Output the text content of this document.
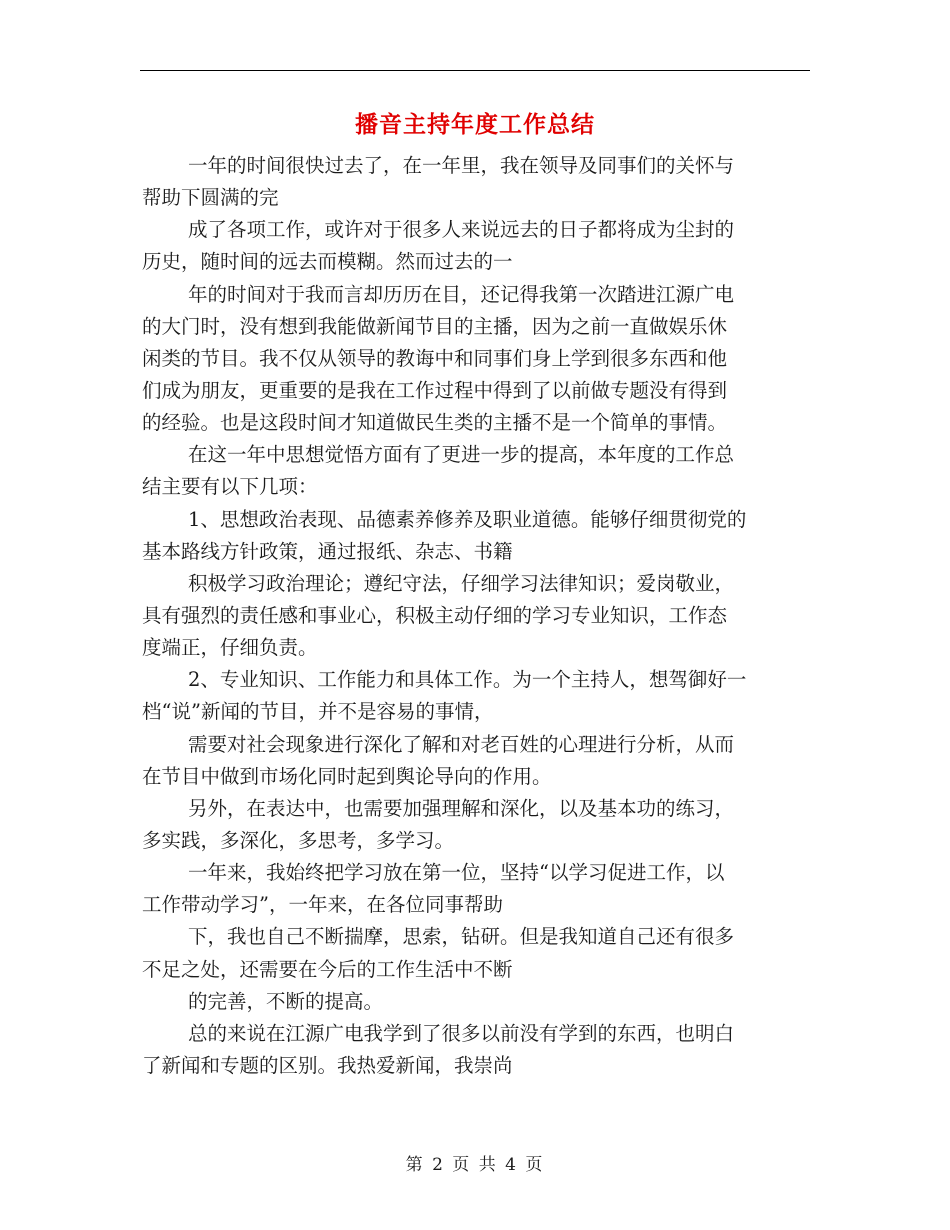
播音主持年度工作总结
一年的时间很快过去了，在一年里，我在领导及同事们的关怀与
帮助下圆满的完
成了各项工作，或许对于很多人来说远去的日子都将成为尘封的
历史，随时间的远去而模糊。然而过去的一
年的时间对于我而言却历历在目，还记得我第一次踏进江源广电
的大门时，没有想到我能做新闻节目的主播，因为之前一直做娱乐休
闲类的节目。我不仅从领导的教诲中和同事们身上学到很多东西和他
们成为朋友，更重要的是我在工作过程中得到了以前做专题没有得到
的经验。也是这段时间才知道做民生类的主播不是一个简单的事情。
在这一年中思想觉悟方面有了更进一步的提高，本年度的工作总
结主要有以下几项：
1、思想政治表现、品德素养修养及职业道德。能够仔细贯彻党的
基本路线方针政策，通过报纸、杂志、书籍
积极学习政治理论；遵纪守法，仔细学习法律知识；爱岗敬业，
具有强烈的责任感和事业心，积极主动仔细的学习专业知识，工作态
度端正，仔细负责。
2、专业知识、工作能力和具体工作。为一个主持人，想驾御好一
档“说”新闻的节目，并不是容易的事情，
需要对社会现象进行深化了解和对老百姓的心理进行分析，从而
在节目中做到市场化同时起到舆论导向的作用。
另外，在表达中，也需要加强理解和深化，以及基本功的练习，
多实践，多深化，多思考，多学习。
一年来，我始终把学习放在第一位，坚持“以学习促进工作，以
工作带动学习”，一年来，在各位同事帮助
下，我也自己不断揣摩，思索，钻研。但是我知道自己还有很多
不足之处，还需要在今后的工作生活中不断
的完善，不断的提高。
总的来说在江源广电我学到了很多以前没有学到的东西，也明白
了新闻和专题的区别。我热爱新闻，我崇尚
第 2 页 共 4 页
